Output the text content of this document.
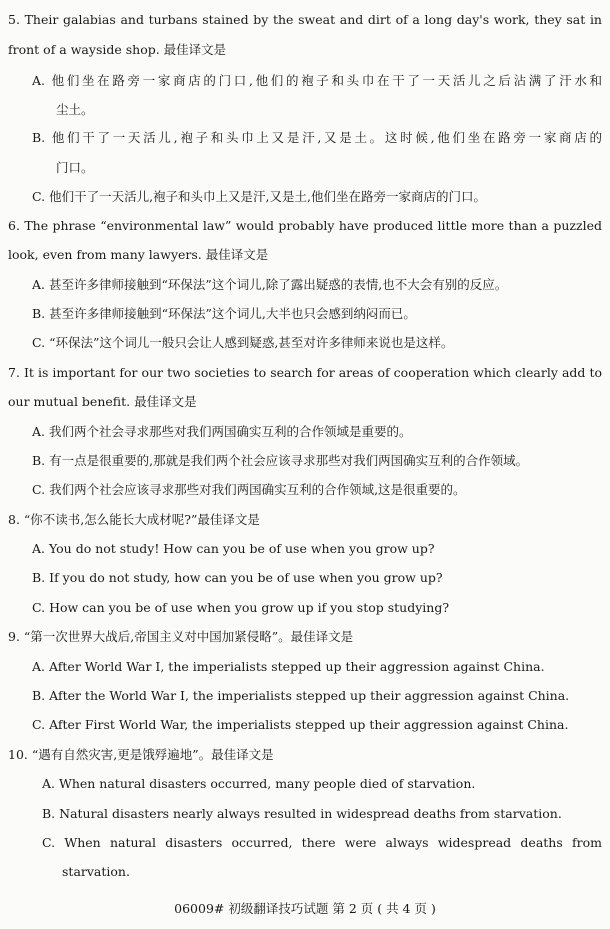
5. Their galabias and turbans stained by the sweat and dirt of a long day's work, they sat in
front of a wayside shop. 最佳译文是
A. 他们坐在路旁一家商店的门口,他们的袍子和头巾在干了一天活儿之后沾满了汗水和
尘土。
B. 他们干了一天活儿,袍子和头巾上又是汗,又是土。这时候,他们坐在路旁一家商店的
门口。
C. 他们干了一天活儿,袍子和头巾上又是汗,又是土,他们坐在路旁一家商店的门口。
6. The phrase “environmental law” would probably have produced little more than a puzzled
look, even from many lawyers. 最佳译文是
A. 甚至许多律师接触到“环保法”这个词儿,除了露出疑惑的表情,也不大会有别的反应。
B. 甚至许多律师接触到“环保法”这个词儿,大半也只会感到纳闷而已。
C. “环保法”这个词儿一般只会让人感到疑惑,甚至对许多律师来说也是这样。
7. It is important for our two societies to search for areas of cooperation which clearly add to
our mutual benefit. 最佳译文是
A. 我们两个社会寻求那些对我们两国确实互利的合作领域是重要的。
B. 有一点是很重要的,那就是我们两个社会应该寻求那些对我们两国确实互利的合作领域。
C. 我们两个社会应该寻求那些对我们两国确实互利的合作领域,这是很重要的。
8. “你不读书,怎么能长大成材呢?”最佳译文是
A. You do not study! How can you be of use when you grow up?
B. If you do not study, how can you be of use when you grow up?
C. How can you be of use when you grow up if you stop studying?
9. “第一次世界大战后,帝国主义对中国加紧侵略”。最佳译文是
A. After World War I, the imperialists stepped up their aggression against China.
B. After the World War I, the imperialists stepped up their aggression against China.
C. After First World War, the imperialists stepped up their aggression against China.
10. “遇有自然灾害,更是饿殍遍地”。最佳译文是
A. When natural disasters occurred, many people died of starvation.
B. Natural disasters nearly always resulted in widespread deaths from starvation.
C. When natural disasters occurred, there were always widespread deaths from
starvation.
06009# 初级翻译技巧试题 第 2 页 ( 共 4 页 )
